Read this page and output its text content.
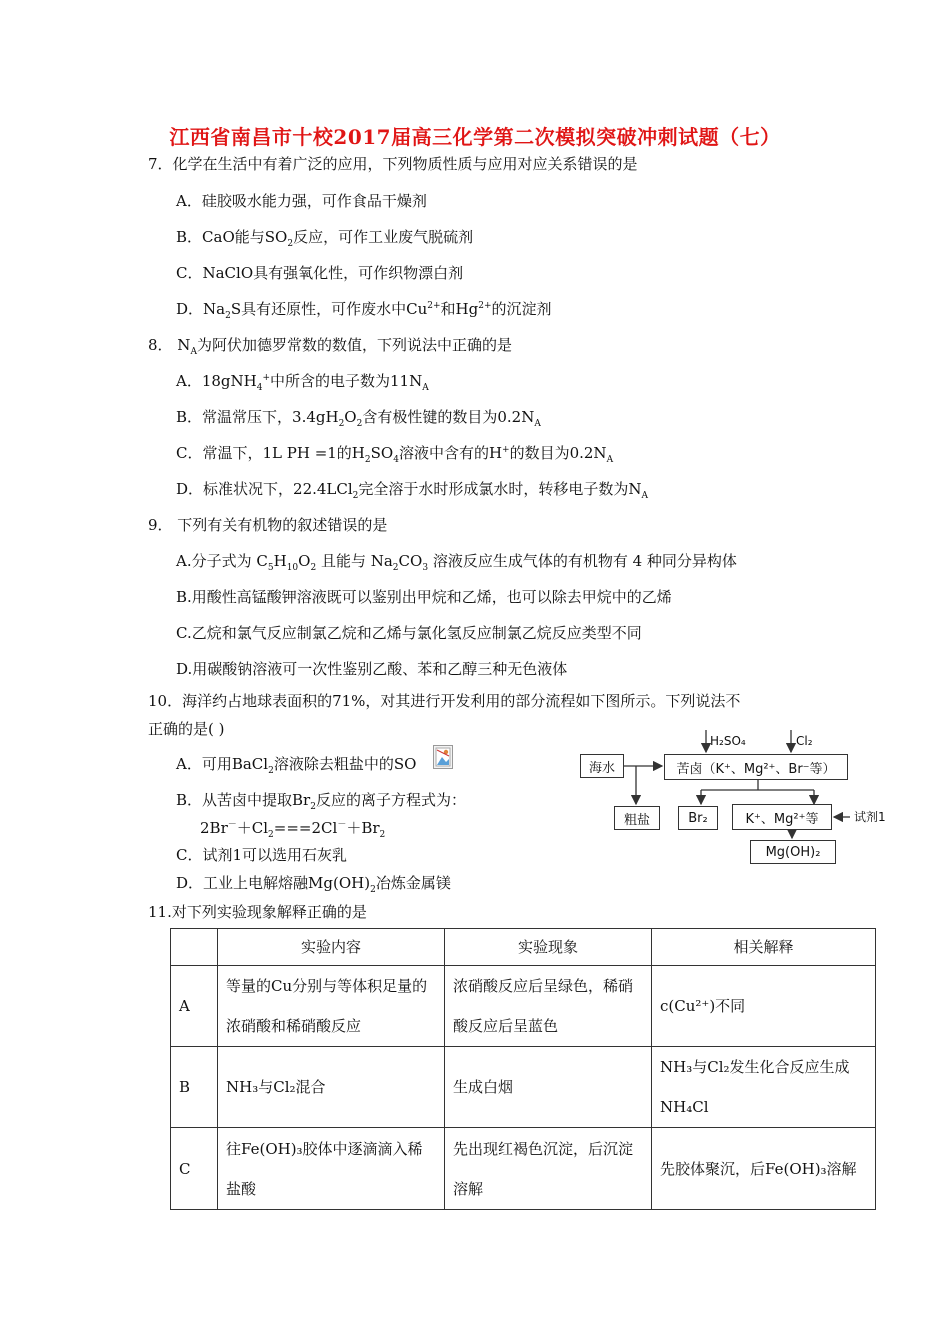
江西省南昌市十校2017届高三化学第二次模拟突破冲刺试题（七）
7．化学在生活中有着广泛的应用，下列物质性质与应用对应关系错误的是
A．硅胶吸水能力强，可作食品干燥剂
B．CaO能与$SO_2$反应，可作工业废气脱硫剂
C．NaClO具有强氧化性，可作织物漂白剂
D．$Na_2S$具有还原性，可作废水中$Cu^{2+}$和$Hg^{2+}$的沉淀剂
8． $N_A$为阿伏加德罗常数的数值，下列说法中正确的是
A．18gNH$_4$+中所含的电子数为$11N_A$
B．常温常压下，$3.4gH_2O_2$含有极性键的数目为$0.2N_A$
C．常温下，1L PH =1的$H_2SO_4$溶液中含有的H+的数目为$0.2N_A$
D．标准状况下，22.4LCl$_2$完全溶于水时形成氯水时，转移电子数为$N_A$
9． 下列有关有机物的叙述错误的是
A.分子式为 $C_5H_{10}O_2$ 且能与 $Na_2CO_3$ 溶液反应生成气体的有机物有 4 种同分异构体
B.用酸性高锰酸钾溶液既可以鉴别出甲烷和乙烯，也可以除去甲烷中的乙烯
C.乙烷和氯气反应制氯乙烷和乙烯与氯化氢反应制氯乙烷反应类型不同
D.用碳酸钠溶液可一次性鉴别乙酸、苯和乙醇三种无色液体
10．海洋约占地球表面积的71%，对其进行开发利用的部分流程如下图所示。下列说法不
正确的是( )
A．可用BaCl$_2$溶液除去粗盐中的SO
B．从苦卤中提取$Br_2$反应的离子方程式为：
$2Br^-+Cl_2===2Cl^-+Br_2$
C．试剂1可以选用石灰乳
D．工业上电解熔融$Mg(OH)_2$冶炼金属镁
海水	苦卤（K⁺、Mg²⁺、Br⁻等）
粗盐	Br₂	K⁺、Mg²⁺等
Mg(OH)₂
H₂SO₄	Cl₂
试剂1
11.对下列实验现象解释正确的是
	实验内容	实验现象	相关解释
A	等量的Cu分别与等体积足量的浓硝酸和稀硝酸反应	浓硝酸反应后呈绿色，稀硝酸反应后呈蓝色	c(Cu²⁺)不同
B	NH₃与Cl₂混合	生成白烟	NH₃与Cl₂发生化合反应生成NH₄Cl
C	往Fe(OH)₃胶体中逐滴滴入稀盐酸	先出现红褐色沉淀，后沉淀溶解	先胶体聚沉，后Fe(OH)₃溶解
